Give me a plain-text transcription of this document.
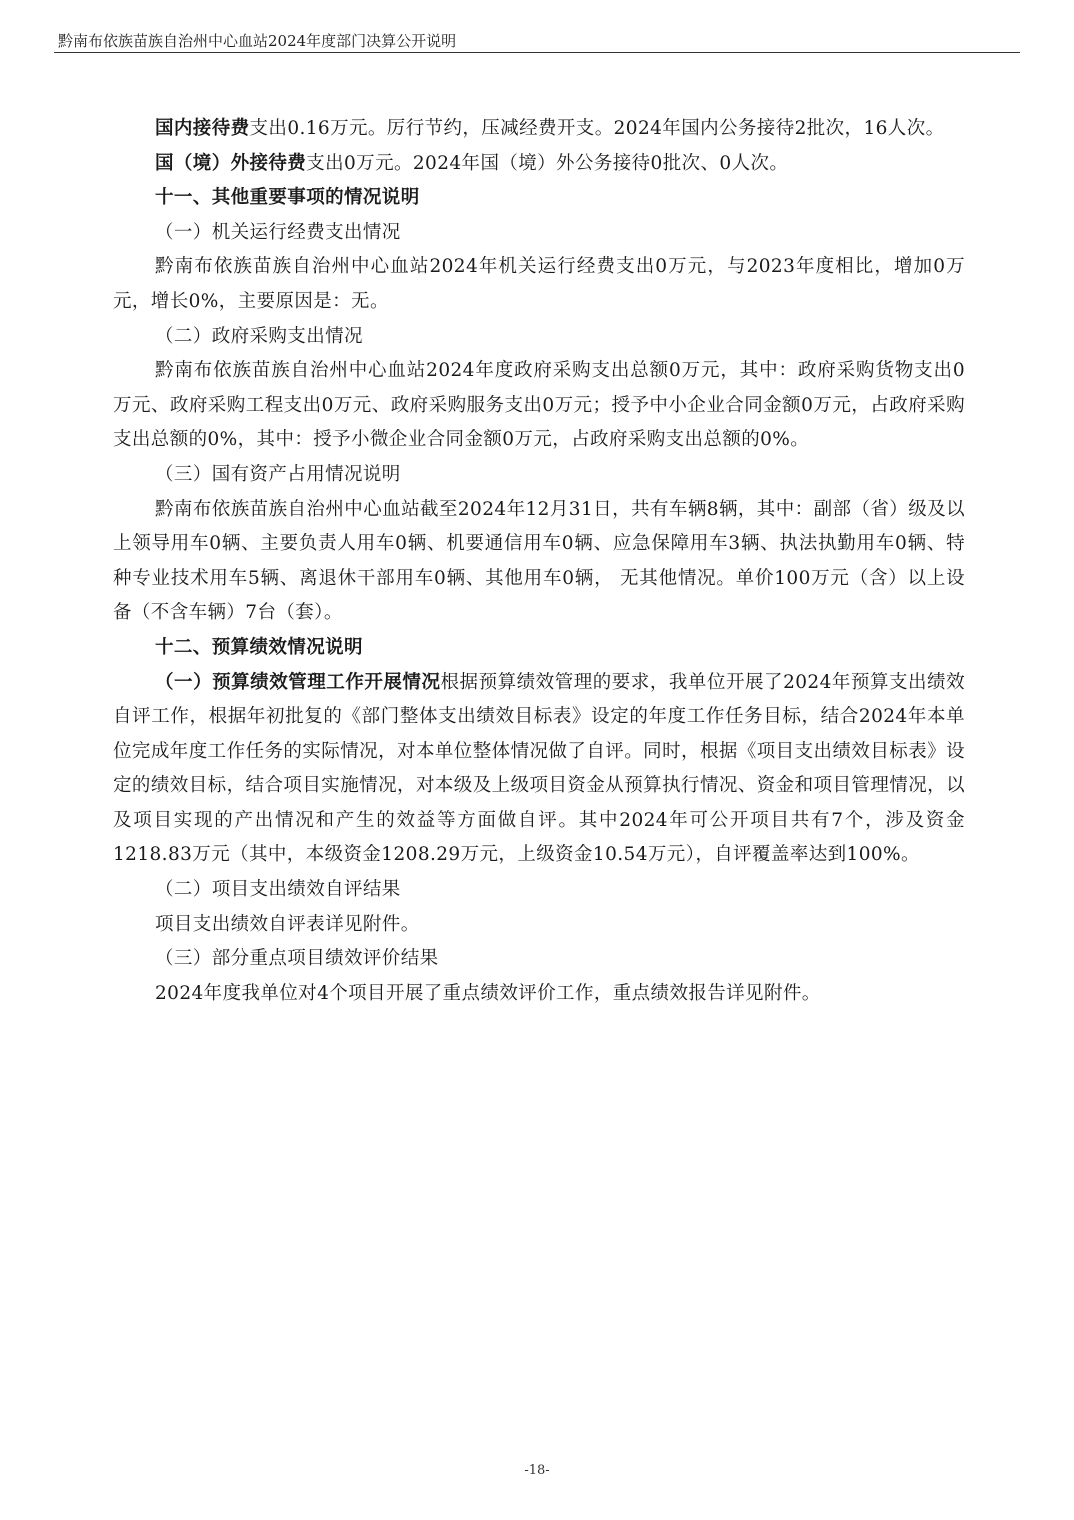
黔南布依族苗族自治州中心血站2024年度部门决算公开说明

国内接待费支出0.16万元。厉行节约，压减经费开支。2024年国内公务接待2批次，16人次。

国（境）外接待费支出0万元。2024年国（境）外公务接待0批次、0人次。

十一、其他重要事项的情况说明

（一）机关运行经费支出情况

黔南布依族苗族自治州中心血站2024年机关运行经费支出0万元，与2023年度相比，增加0万元，增长0%，主要原因是：无。

（二）政府采购支出情况

黔南布依族苗族自治州中心血站2024年度政府采购支出总额0万元，其中：政府采购货物支出0万元、政府采购工程支出0万元、政府采购服务支出0万元；授予中小企业合同金额0万元，占政府采购支出总额的0%，其中：授予小微企业合同金额0万元，占政府采购支出总额的0%。

（三）国有资产占用情况说明

黔南布依族苗族自治州中心血站截至2024年12月31日，共有车辆8辆，其中：副部（省）级及以上领导用车0辆、主要负责人用车0辆、机要通信用车0辆、应急保障用车3辆、执法执勤用车0辆、特种专业技术用车5辆、离退休干部用车0辆、其他用车0辆， 无其他情况。单价100万元（含）以上设备（不含车辆）7台（套）。

十二、预算绩效情况说明

（一）预算绩效管理工作开展情况根据预算绩效管理的要求，我单位开展了2024年预算支出绩效自评工作，根据年初批复的《部门整体支出绩效目标表》设定的年度工作任务目标，结合2024年本单位完成年度工作任务的实际情况，对本单位整体情况做了自评。同时，根据《项目支出绩效目标表》设定的绩效目标，结合项目实施情况，对本级及上级项目资金从预算执行情况、资金和项目管理情况，以及项目实现的产出情况和产生的效益等方面做自评。其中2024年可公开项目共有7个，涉及资金1218.83万元（其中，本级资金1208.29万元，上级资金10.54万元），自评覆盖率达到100%。

（二）项目支出绩效自评结果

项目支出绩效自评表详见附件。

（三）部分重点项目绩效评价结果

2024年度我单位对4个项目开展了重点绩效评价工作，重点绩效报告详见附件。

-18-
